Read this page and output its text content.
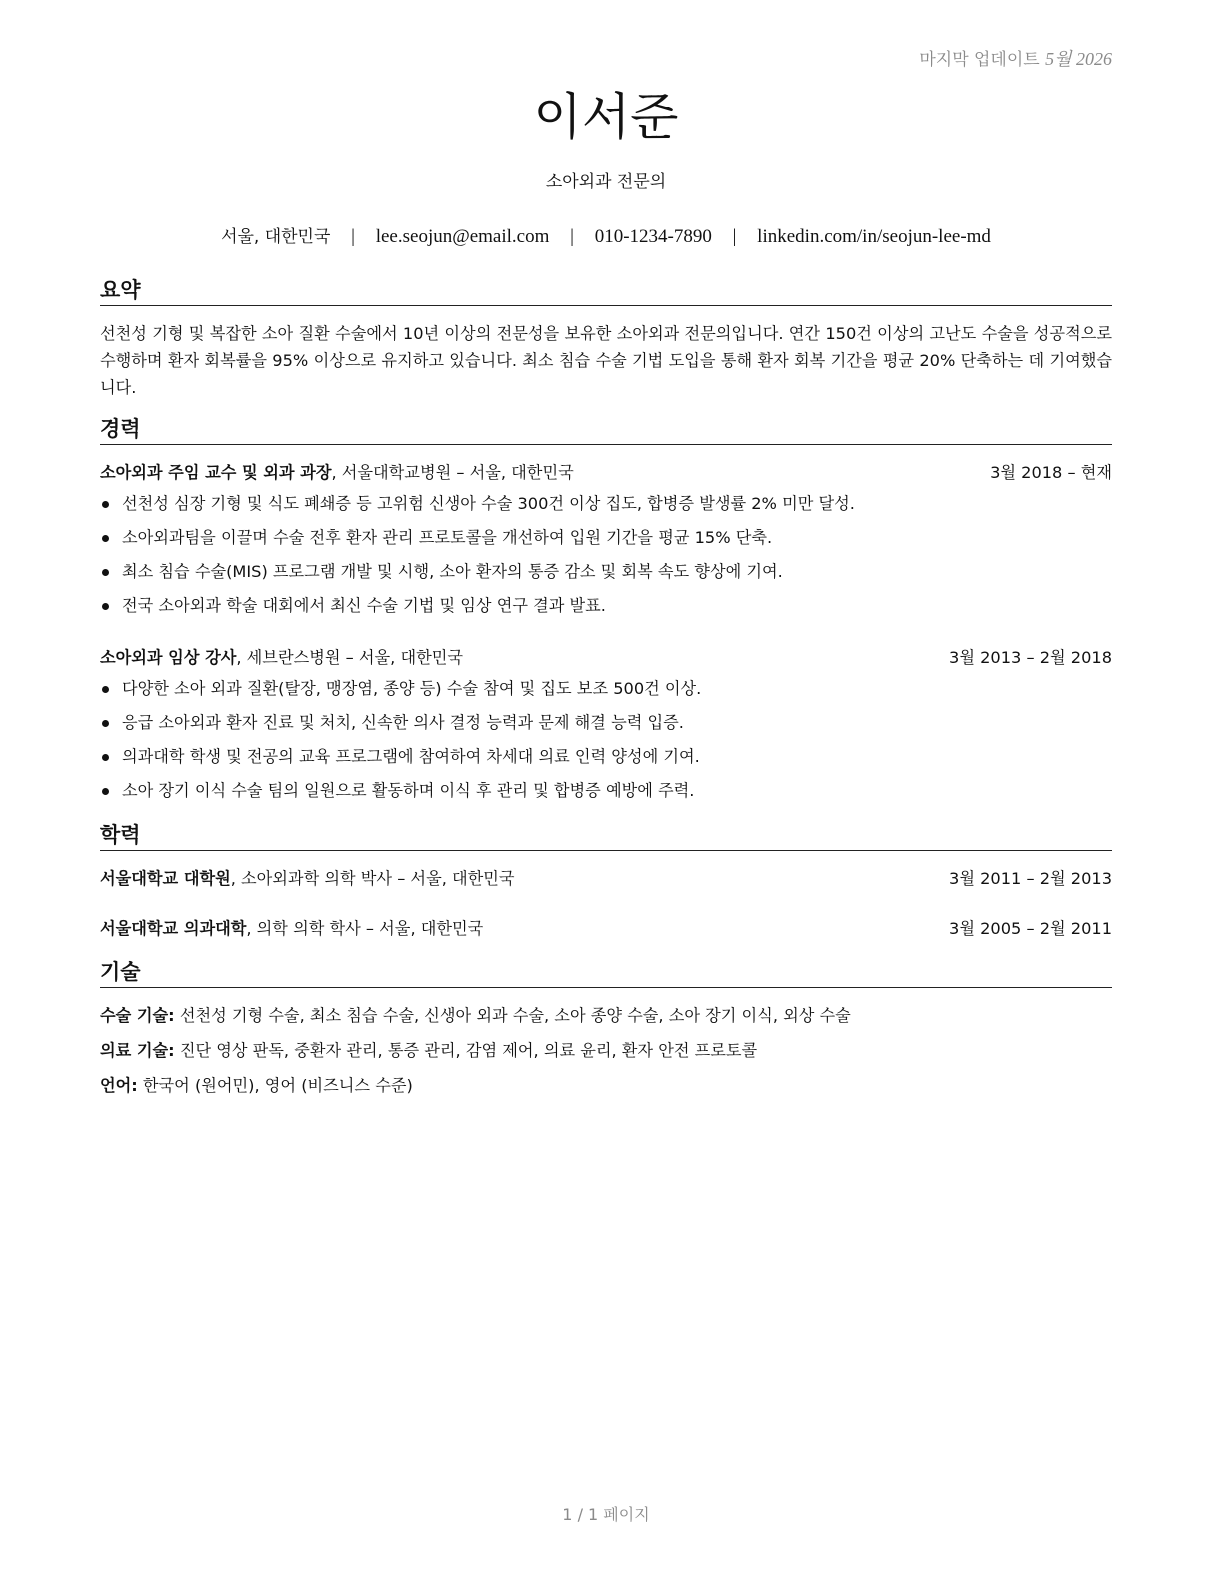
마지막 업데이트 5월 2026
이서준
소아외과 전문의
서울, 대한민국 | lee.seojun@email.com | 010-1234-7890 | linkedin.com/in/seojun-lee-md
요약

선천성 기형 및 복잡한 소아 질환 수술에서 10년 이상의 전문성을 보유한 소아외과 전문의입니다. 연간 150건 이상의 고난도 수술을 성공적으로 수행하며 환자 회복률을 95% 이상으로 유지하고 있습니다. 최소 침습 수술 기법 도입을 통해 환자 회복 기간을 평균 20% 단축하는 데 기여했습니다.

경력
소아외과 주임 교수 및 외과 과장, 서울대학교병원 – 서울, 대한민국	3월 2018 – 현재
선천성 심장 기형 및 식도 폐쇄증 등 고위험 신생아 수술 300건 이상 집도, 합병증 발생률 2% 미만 달성.
소아외과팀을 이끌며 수술 전후 환자 관리 프로토콜을 개선하여 입원 기간을 평균 15% 단축.
최소 침습 수술(MIS) 프로그램 개발 및 시행, 소아 환자의 통증 감소 및 회복 속도 향상에 기여.
전국 소아외과 학술 대회에서 최신 수술 기법 및 임상 연구 결과 발표.
소아외과 임상 강사, 세브란스병원 – 서울, 대한민국	3월 2013 – 2월 2018
다양한 소아 외과 질환(탈장, 맹장염, 종양 등) 수술 참여 및 집도 보조 500건 이상.
응급 소아외과 환자 진료 및 처치, 신속한 의사 결정 능력과 문제 해결 능력 입증.
의과대학 학생 및 전공의 교육 프로그램에 참여하여 차세대 의료 인력 양성에 기여.
소아 장기 이식 수술 팀의 일원으로 활동하며 이식 후 관리 및 합병증 예방에 주력.
학력
서울대학교 대학원, 소아외과학 의학 박사 – 서울, 대한민국	3월 2011 – 2월 2013
서울대학교 의과대학, 의학 의학 학사 – 서울, 대한민국	3월 2005 – 2월 2011
기술
수술 기술: 선천성 기형 수술, 최소 침습 수술, 신생아 외과 수술, 소아 종양 수술, 소아 장기 이식, 외상 수술
의료 기술: 진단 영상 판독, 중환자 관리, 통증 관리, 감염 제어, 의료 윤리, 환자 안전 프로토콜
언어: 한국어 (원어민), 영어 (비즈니스 수준)
1 / 1 페이지
